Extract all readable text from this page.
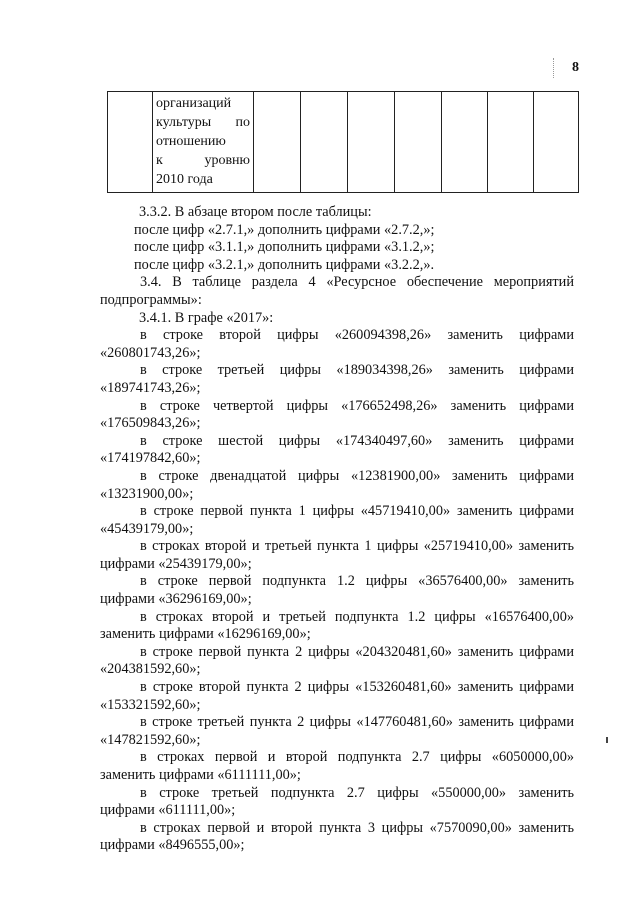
8

организаций
культуры по
отношению
к	уровню
2010 года

3.3.2. В абзаце втором после таблицы:

после цифр «2.7.1,» дополнить цифрами «2.7.2,»;

после цифр «3.1.1,» дополнить цифрами «3.1.2,»;

после цифр «3.2.1,» дополнить цифрами «3.2.2,».

3.4. В таблице раздела 4 «Ресурсное обеспечение мероприятий
подпрограммы»:

3.4.1. В графе «2017»:

в строке второй цифры «260094398,26» заменить цифрами
«260801743,26»;

в строке третьей цифры «189034398,26» заменить цифрами
«189741743,26»;

в строке четвертой цифры «176652498,26» заменить цифрами
«176509843,26»;

в строке шестой цифры «174340497,60» заменить цифрами
«174197842,60»;

в строке двенадцатой цифры «12381900,00» заменить цифрами
«13231900,00»;

в строке первой пункта 1 цифры «45719410,00» заменить цифрами
«45439179,00»;

в строках второй и третьей пункта 1 цифры «25719410,00» заменить
цифрами «25439179,00»;

в строке первой подпункта 1.2 цифры «36576400,00» заменить
цифрами «36296169,00»;

в строках второй и третьей подпункта 1.2 цифры «16576400,00»
заменить цифрами «16296169,00»;

в строке первой пункта 2 цифры «204320481,60» заменить цифрами
«204381592,60»;

в строке второй пункта 2 цифры «153260481,60» заменить цифрами
«153321592,60»;

в строке третьей пункта 2 цифры «147760481,60» заменить цифрами
«147821592,60»;

в строках первой и второй подпункта 2.7 цифры «6050000,00»
заменить цифрами «6111111,00»;

в строке третьей подпункта 2.7 цифры «550000,00» заменить
цифрами «611111,00»;

в строках первой и второй пункта 3 цифры «7570090,00» заменить
цифрами «8496555,00»;
